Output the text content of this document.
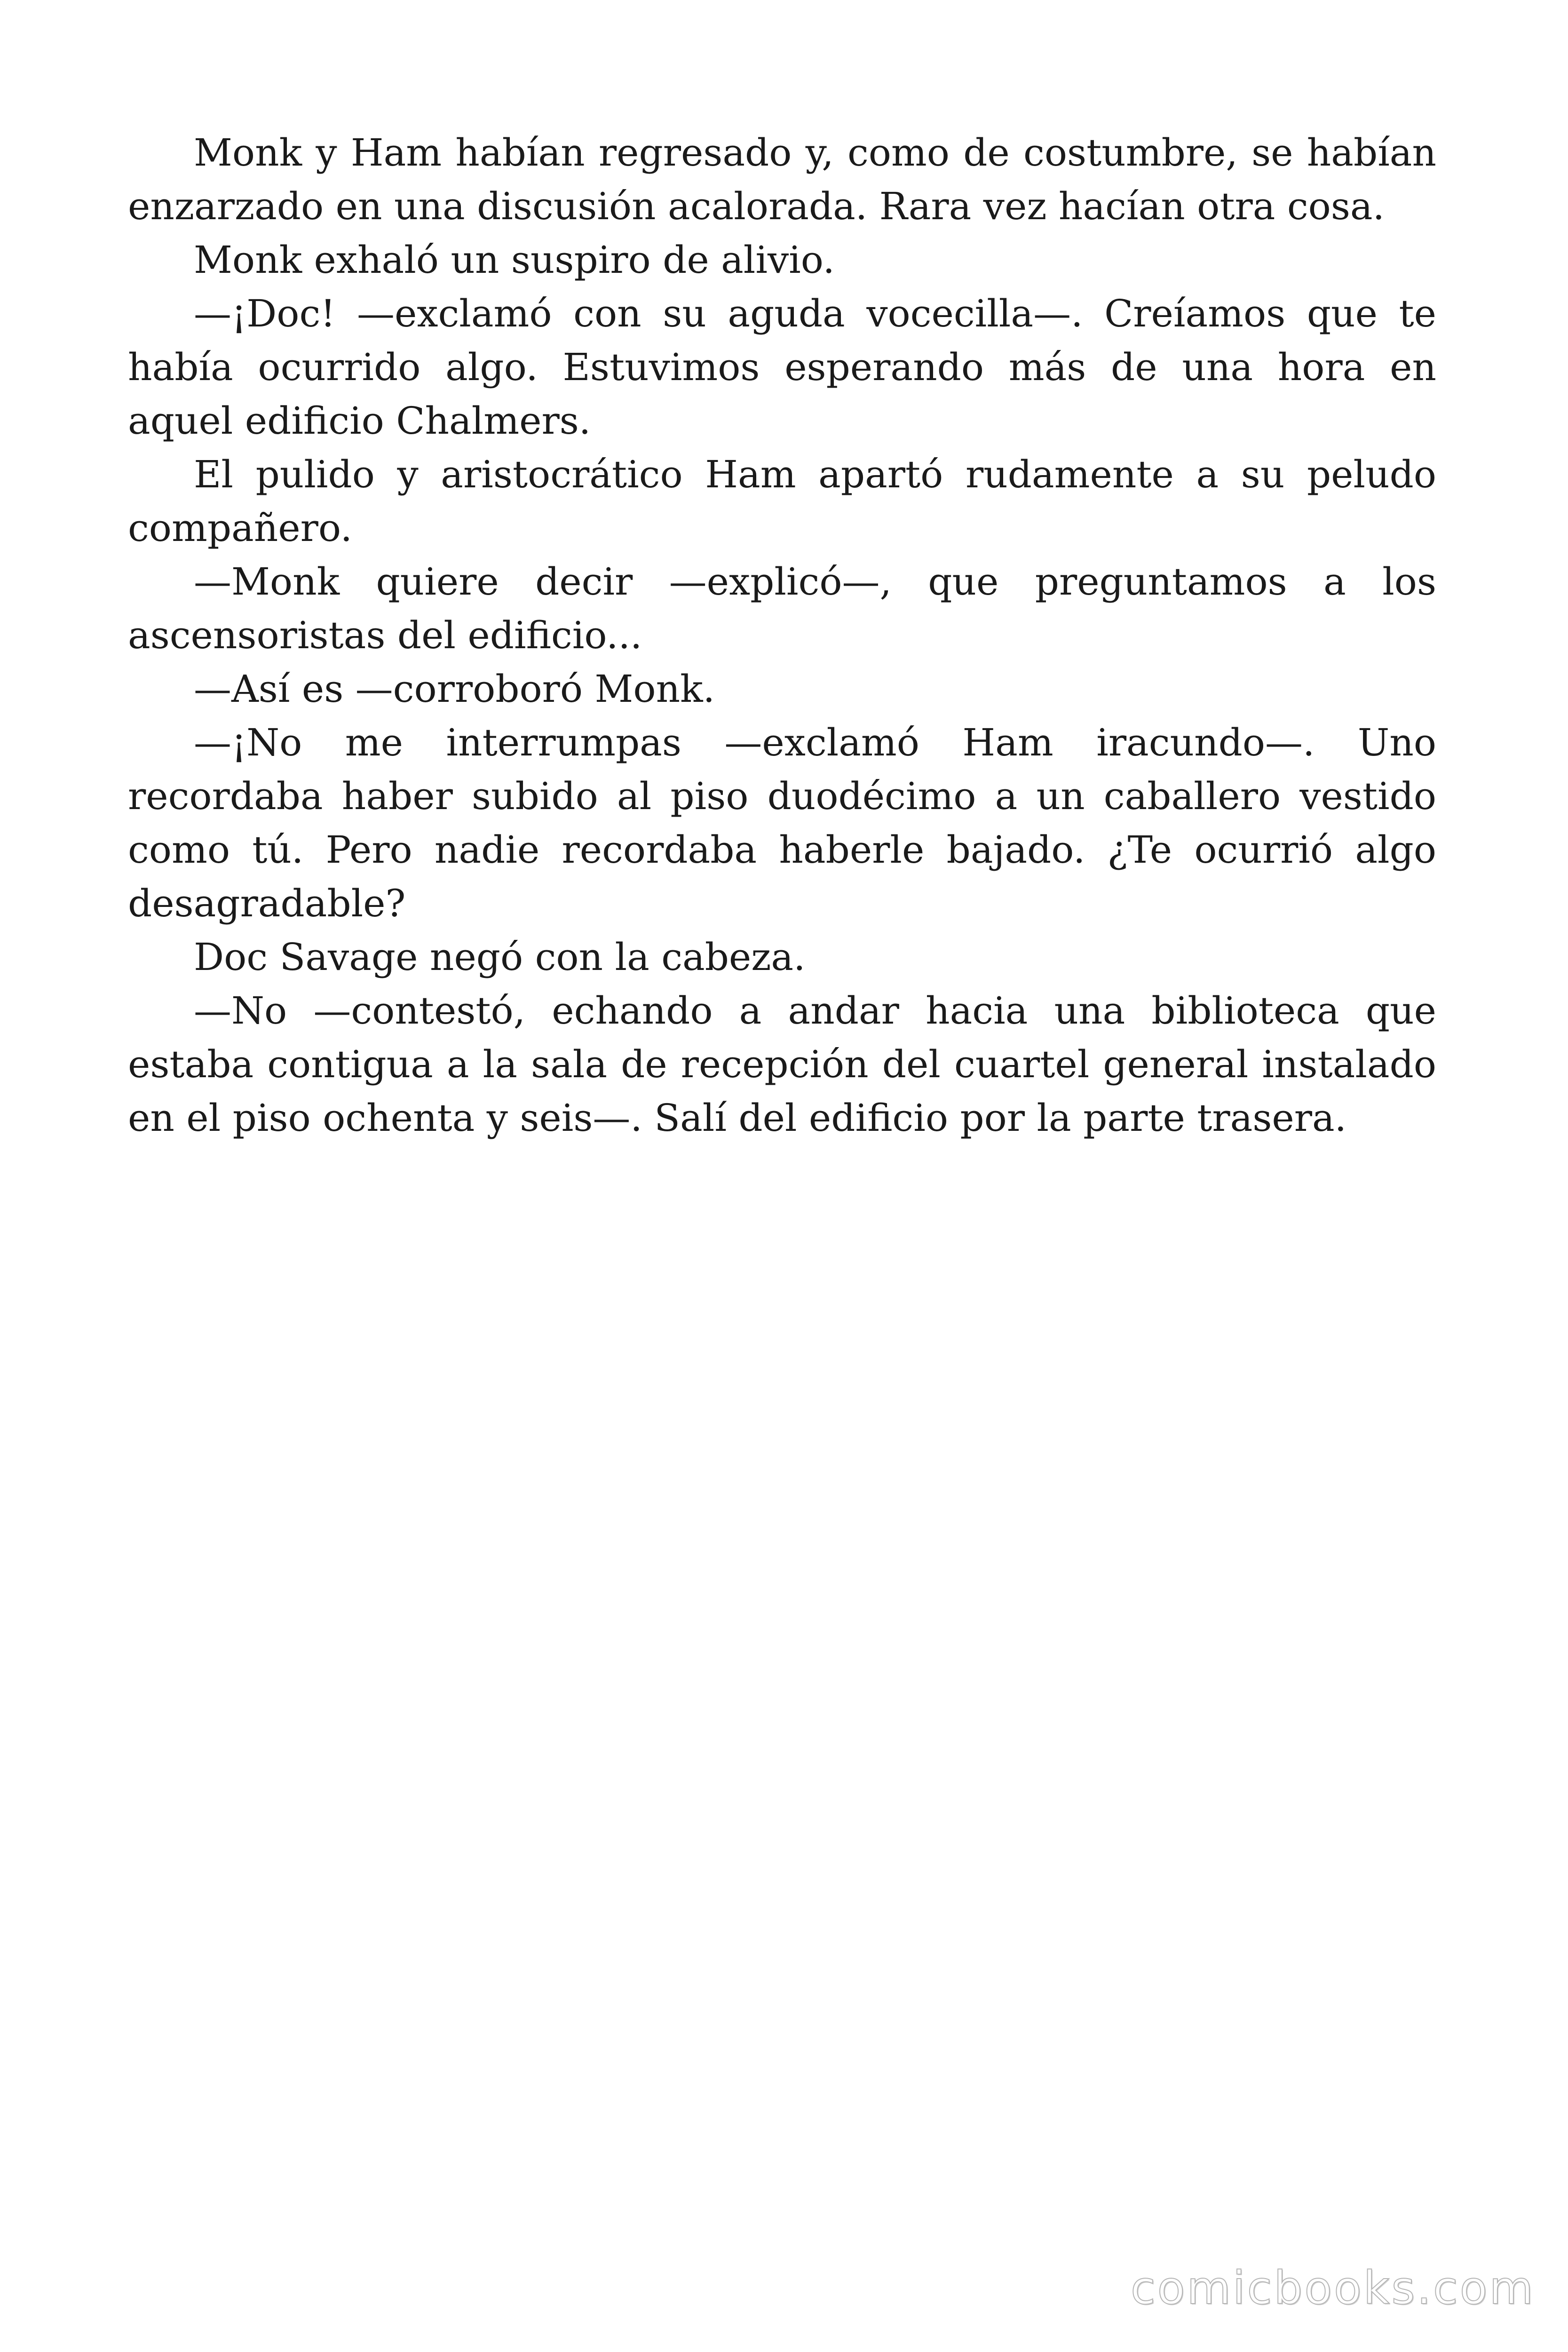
Monk y Ham habían regresado y, como de costumbre, se habían enzarzado en una discusión acalorada. Rara vez hacían otra cosa.

Monk exhaló un suspiro de alivio.

—¡Doc! —exclamó con su aguda vocecilla—. Creíamos que te había ocurrido algo. Estuvimos esperando más de una hora en aquel edificio Chalmers.

El pulido y aristocrático Ham apartó rudamente a su peludo compañero.

—Monk quiere decir —explicó—, que preguntamos a los ascensoristas del edificio...

—Así es —corroboró Monk.

—¡No me interrumpas —exclamó Ham iracundo—. Uno recordaba haber subido al piso duodécimo a un caballero vestido como tú. Pero nadie recordaba haberle bajado. ¿Te ocurrió algo desagradable?

Doc Savage negó con la cabeza.

—No —contestó, echando a andar hacia una biblioteca que estaba contigua a la sala de recepción del cuartel general instalado en el piso ochenta y seis—. Salí del edificio por la parte trasera.

comicbooks.com
